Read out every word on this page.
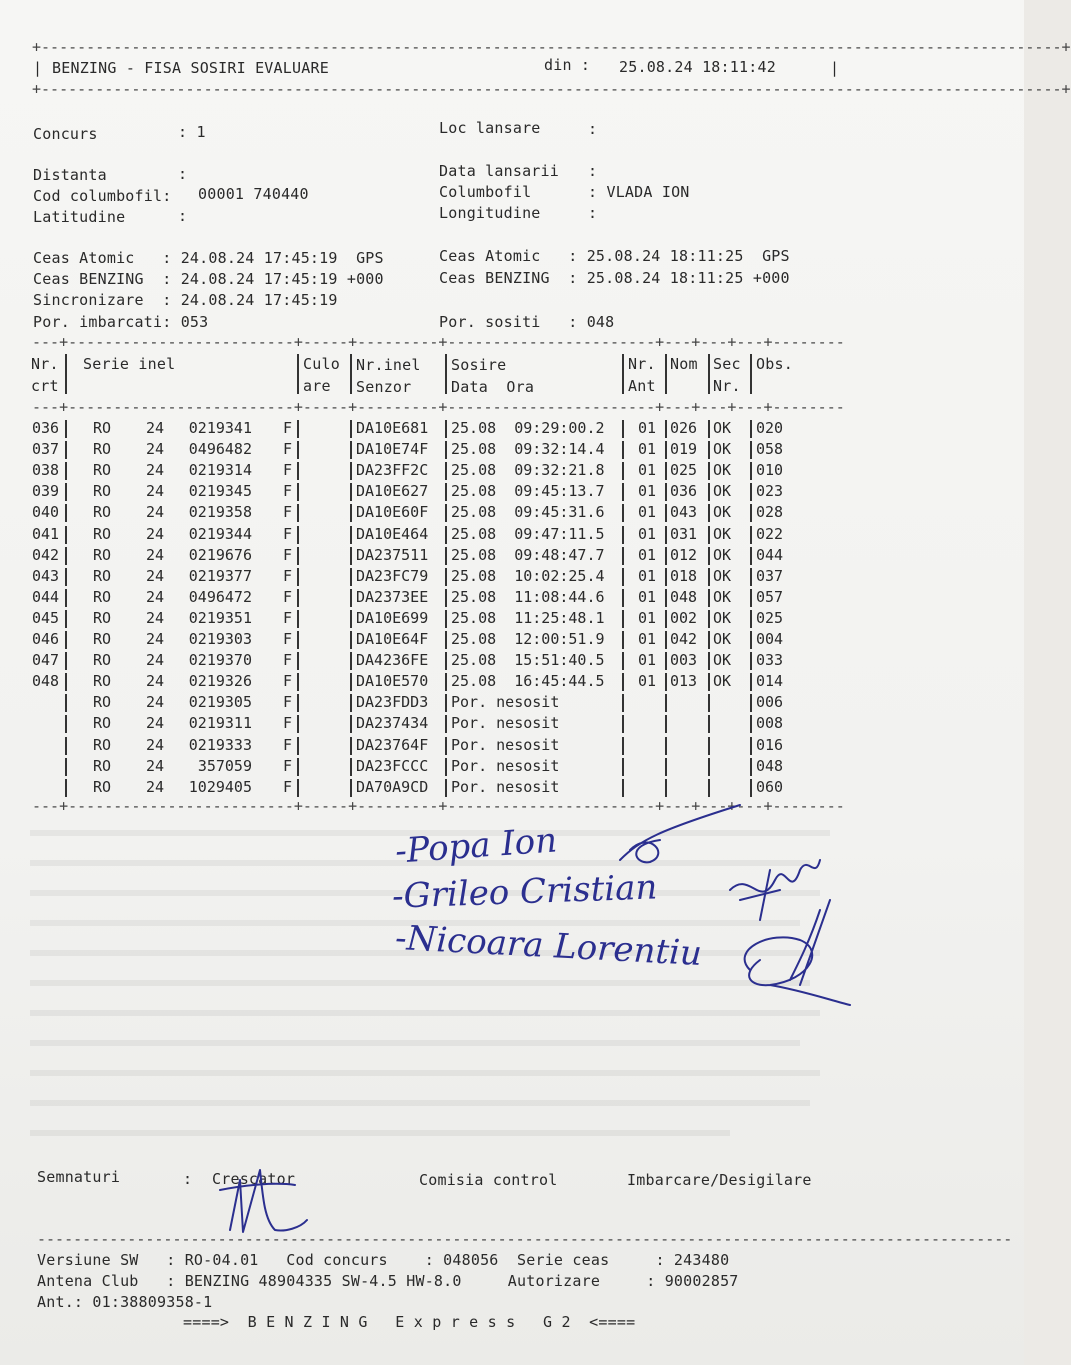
+-----------------------------------------------------------------------------------------------------------------+
| BENZING - FISA SOSIRI EVALUARE	din : 25.08.24 18:11:42	|
+-----------------------------------------------------------------------------------------------------------------+
Concurs	: 1	Loc lansare	:
Distanta	:	Data lansarii :
Cod columbofil: 00001 740440	Columbofil	: VLADA ION
Latitudine	:	Longitudine	:
Ceas Atomic   : 24.08.24 17:45:19  GPS	Ceas Atomic   : 25.08.24 18:11:25  GPS
Ceas BENZING  : 24.08.24 17:45:19 +000	Ceas BENZING  : 25.08.24 18:11:25 +000
Sincronizare  : 24.08.24 17:45:19
Por. imbarcati: 053	Por. sositi   : 048
---+-------------------------+-----+---------+-----------------------+---+---+---+--------
Nr. Serie inel	Culo Nr.inel Sosire	Nr. Nom Sec Obs.
crt	are Senzor	Data  Ora	Ant	Nr.
---+-------------------------+-----+---------+-----------------------+---+---+---+--------
036 RO 24	0219341 F	DA10E681 25.08  09:29:00.2 01 026 OK 020
037 RO 24	0496482 F	DA10E74F 25.08  09:32:14.4 01 019 OK 058
038 RO 24	0219314 F	DA23FF2C 25.08  09:32:21.8 01 025 OK 010
039 RO 24	0219345 F	DA10E627 25.08  09:45:13.7 01 036 OK 023
040 RO 24	0219358 F	DA10E60F 25.08  09:45:31.6 01 043 OK 028
041 RO 24	0219344 F	DA10E464 25.08  09:47:11.5 01 031 OK 022
042 RO 24	0219676 F	DA237511 25.08  09:48:47.7 01 012 OK 044
043 RO 24	0219377 F	DA23FC79 25.08  10:02:25.4 01 018 OK 037
044 RO 24	0496472 F	DA2373EE 25.08  11:08:44.6 01 048 OK 057
045 RO 24	0219351 F	DA10E699 25.08  11:25:48.1 01 002 OK 025
046 RO 24	0219303 F	DA10E64F 25.08  12:00:51.9 01 042 OK 004
047 RO 24	0219370 F	DA4236FE 25.08  15:51:40.5 01 003 OK 033
048 RO 24	0219326 F	DA10E570 25.08  16:45:44.5 01 013 OK 014
RO 24	0219305 F	DA23FDD3 Por. nesosit	006
RO 24	0219311 F	DA237434 Por. nesosit	008
RO 24	0219333 F	DA23764F Por. nesosit	016
RO 24	357059 F	DA23FCCC Por. nesosit	048
RO 24	1029405 F	DA70A9CD Por. nesosit	060
---+-------------------------+-----+---------+-----------------------+---+---+---+--------
-Popa Ion
-Grileo Cristian
-Nicoara Lorentiu
Semnaturi	: Crescator	Comisia control	Imbarcare/Desigilare
------------------------------------------------------------------------------------------------------------
Versiune SW   : RO-04.01   Cod concurs    : 048056  Serie ceas     : 243480
Antena Club   : BENZING 48904335 SW-4.5 HW-8.0     Autorizare     : 90002857
Ant.: 01:38809358-1
====>  B E N Z I N G   E x p r e s s   G 2  <====
